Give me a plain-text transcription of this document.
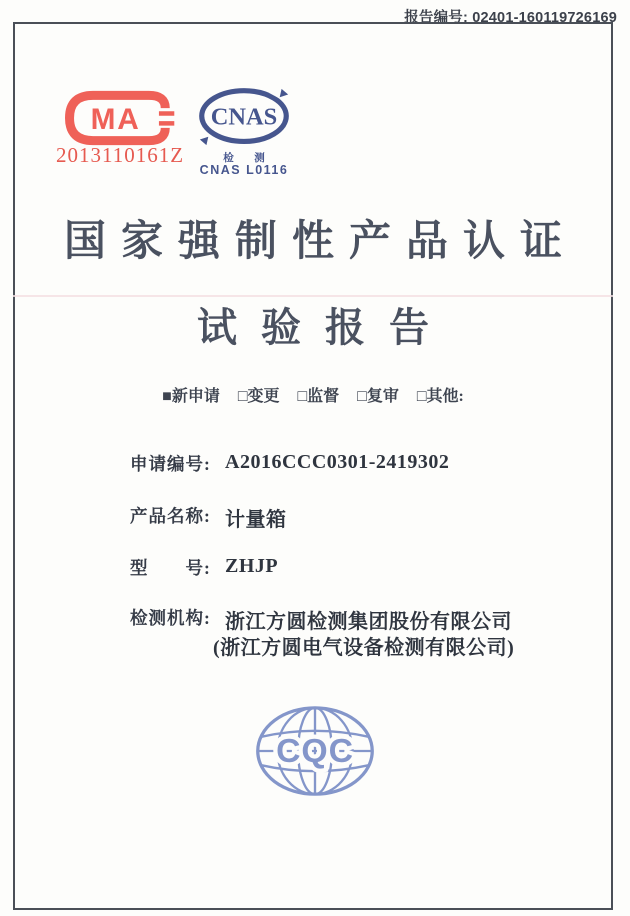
报告编号: 02401-160119726169
MA
2013110161Z
CNAS
检 测
CNAS L0116
国家强制性产品认证
试验报告
■新申请 □变更 □监督 □复审 □其他:
申请编号: A2016CCC0301-2419302
产品名称: 计量箱
型　　号: ZHJP
检测机构: 浙江方圆检测集团股份有限公司
(浙江方圆电气设备检测有限公司)
CQC
